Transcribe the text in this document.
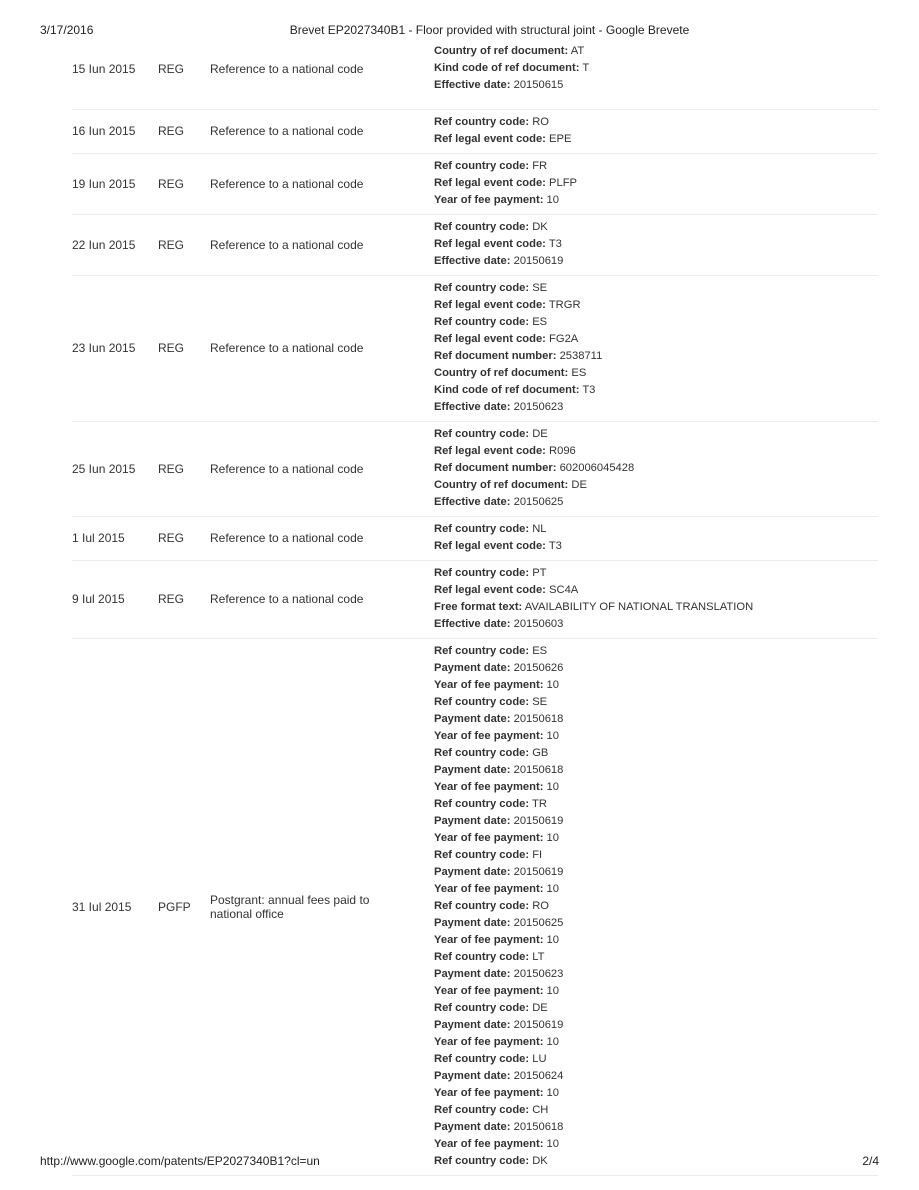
3/17/2016	Brevet EP2027340B1 - Floor provided with structural joint - Google Brevete
15 Iun 2015	REG	Reference to a national code
Country of ref document: AT
Kind code of ref document: T
Effective date: 20150615
16 Iun 2015	REG	Reference to a national code
Ref country code: RO
Ref legal event code: EPE
19 Iun 2015	REG	Reference to a national code
Ref country code: FR
Ref legal event code: PLFP
Year of fee payment: 10
22 Iun 2015	REG	Reference to a national code
Ref country code: DK
Ref legal event code: T3
Effective date: 20150619
23 Iun 2015	REG	Reference to a national code
Ref country code: SE
Ref legal event code: TRGR
Ref country code: ES
Ref legal event code: FG2A
Ref document number: 2538711
Country of ref document: ES
Kind code of ref document: T3
Effective date: 20150623
25 Iun 2015	REG	Reference to a national code
Ref country code: DE
Ref legal event code: R096
Ref document number: 602006045428
Country of ref document: DE
Effective date: 20150625
1 Iul 2015	REG	Reference to a national code
Ref country code: NL
Ref legal event code: T3
9 Iul 2015	REG	Reference to a national code
Ref country code: PT
Ref legal event code: SC4A
Free format text: AVAILABILITY OF NATIONAL TRANSLATION
Effective date: 20150603
31 Iul 2015	PGFP	Postgrant: annual fees paid to national office
Ref country code: ES
Payment date: 20150626
Year of fee payment: 10
Ref country code: SE
Payment date: 20150618
Year of fee payment: 10
Ref country code: GB
Payment date: 20150618
Year of fee payment: 10
Ref country code: TR
Payment date: 20150619
Year of fee payment: 10
Ref country code: FI
Payment date: 20150619
Year of fee payment: 10
Ref country code: RO
Payment date: 20150625
Year of fee payment: 10
Ref country code: LT
Payment date: 20150623
Year of fee payment: 10
Ref country code: DE
Payment date: 20150619
Year of fee payment: 10
Ref country code: LU
Payment date: 20150624
Year of fee payment: 10
Ref country code: CH
Payment date: 20150618
Year of fee payment: 10
Ref country code: DK
http://www.google.com/patents/EP2027340B1?cl=un	2/4
